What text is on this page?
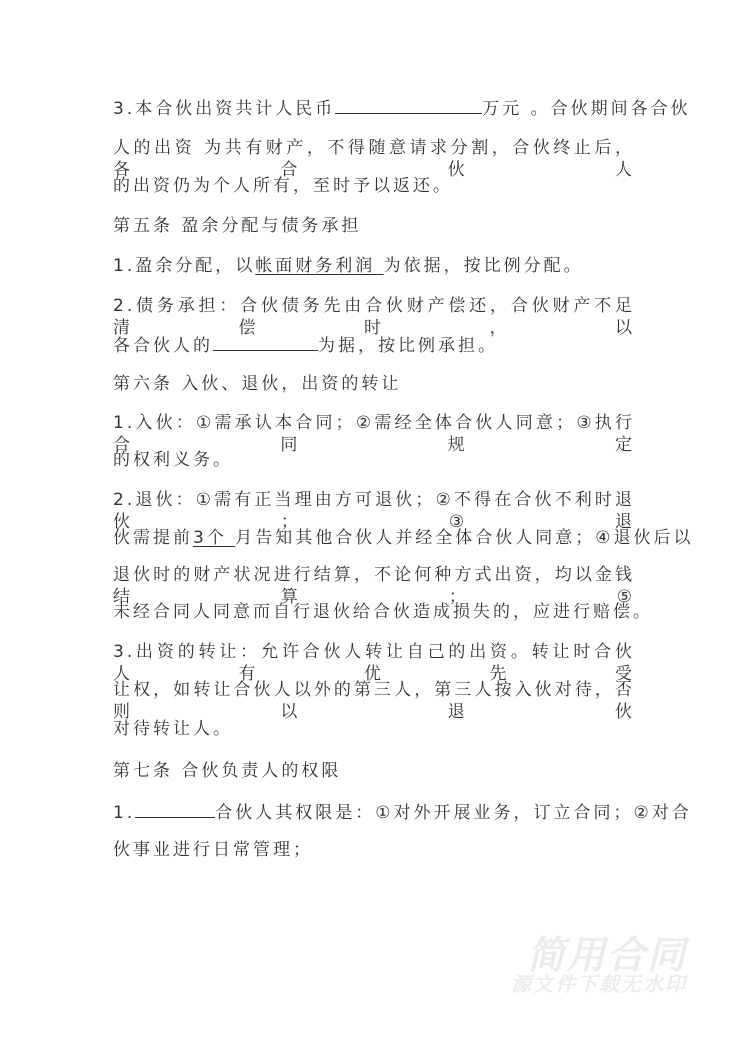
3.本合伙出资共计人民币	万元 。合伙期间各合伙
人的出资 为共有财产，不得随意请求分割，合伙终止后，各合伙人
的出资仍为个人所有，至时予以返还。
第五条 盈余分配与债务承担
1.盈余分配，以帐面财务利润 为依据，按比例分配。
2.债务承担：合伙债务先由合伙财产偿还，合伙财产不足清偿时，以
各合伙人的	为据，按比例承担。
第六条 入伙、退伙，出资的转让
1.入伙：①需承认本合同；②需经全体合伙人同意；③执行合同规定
的权利义务。
2.退伙：①需有正当理由方可退伙；②不得在合伙不利时退伙；③退
伙需提前3个 月告知其他合伙人并经全体合伙人同意；④退伙后以
退伙时的财产状况进行结算，不论何种方式出资，均以金钱结算；⑤
未经合同人同意而自行退伙给合伙造成损失的，应进行赔偿。
3.出资的转让：允许合伙人转让自己的出资。转让时合伙人有优先受
让权，如转让合伙人以外的第三人，第三人按入伙对待，否则以退伙
对待转让人。
第七条 合伙负责人的权限
1.	合伙人其权限是：①对外开展业务，订立合同；②对合
伙事业进行日常管理；
简用合同
源文件下载无水印
